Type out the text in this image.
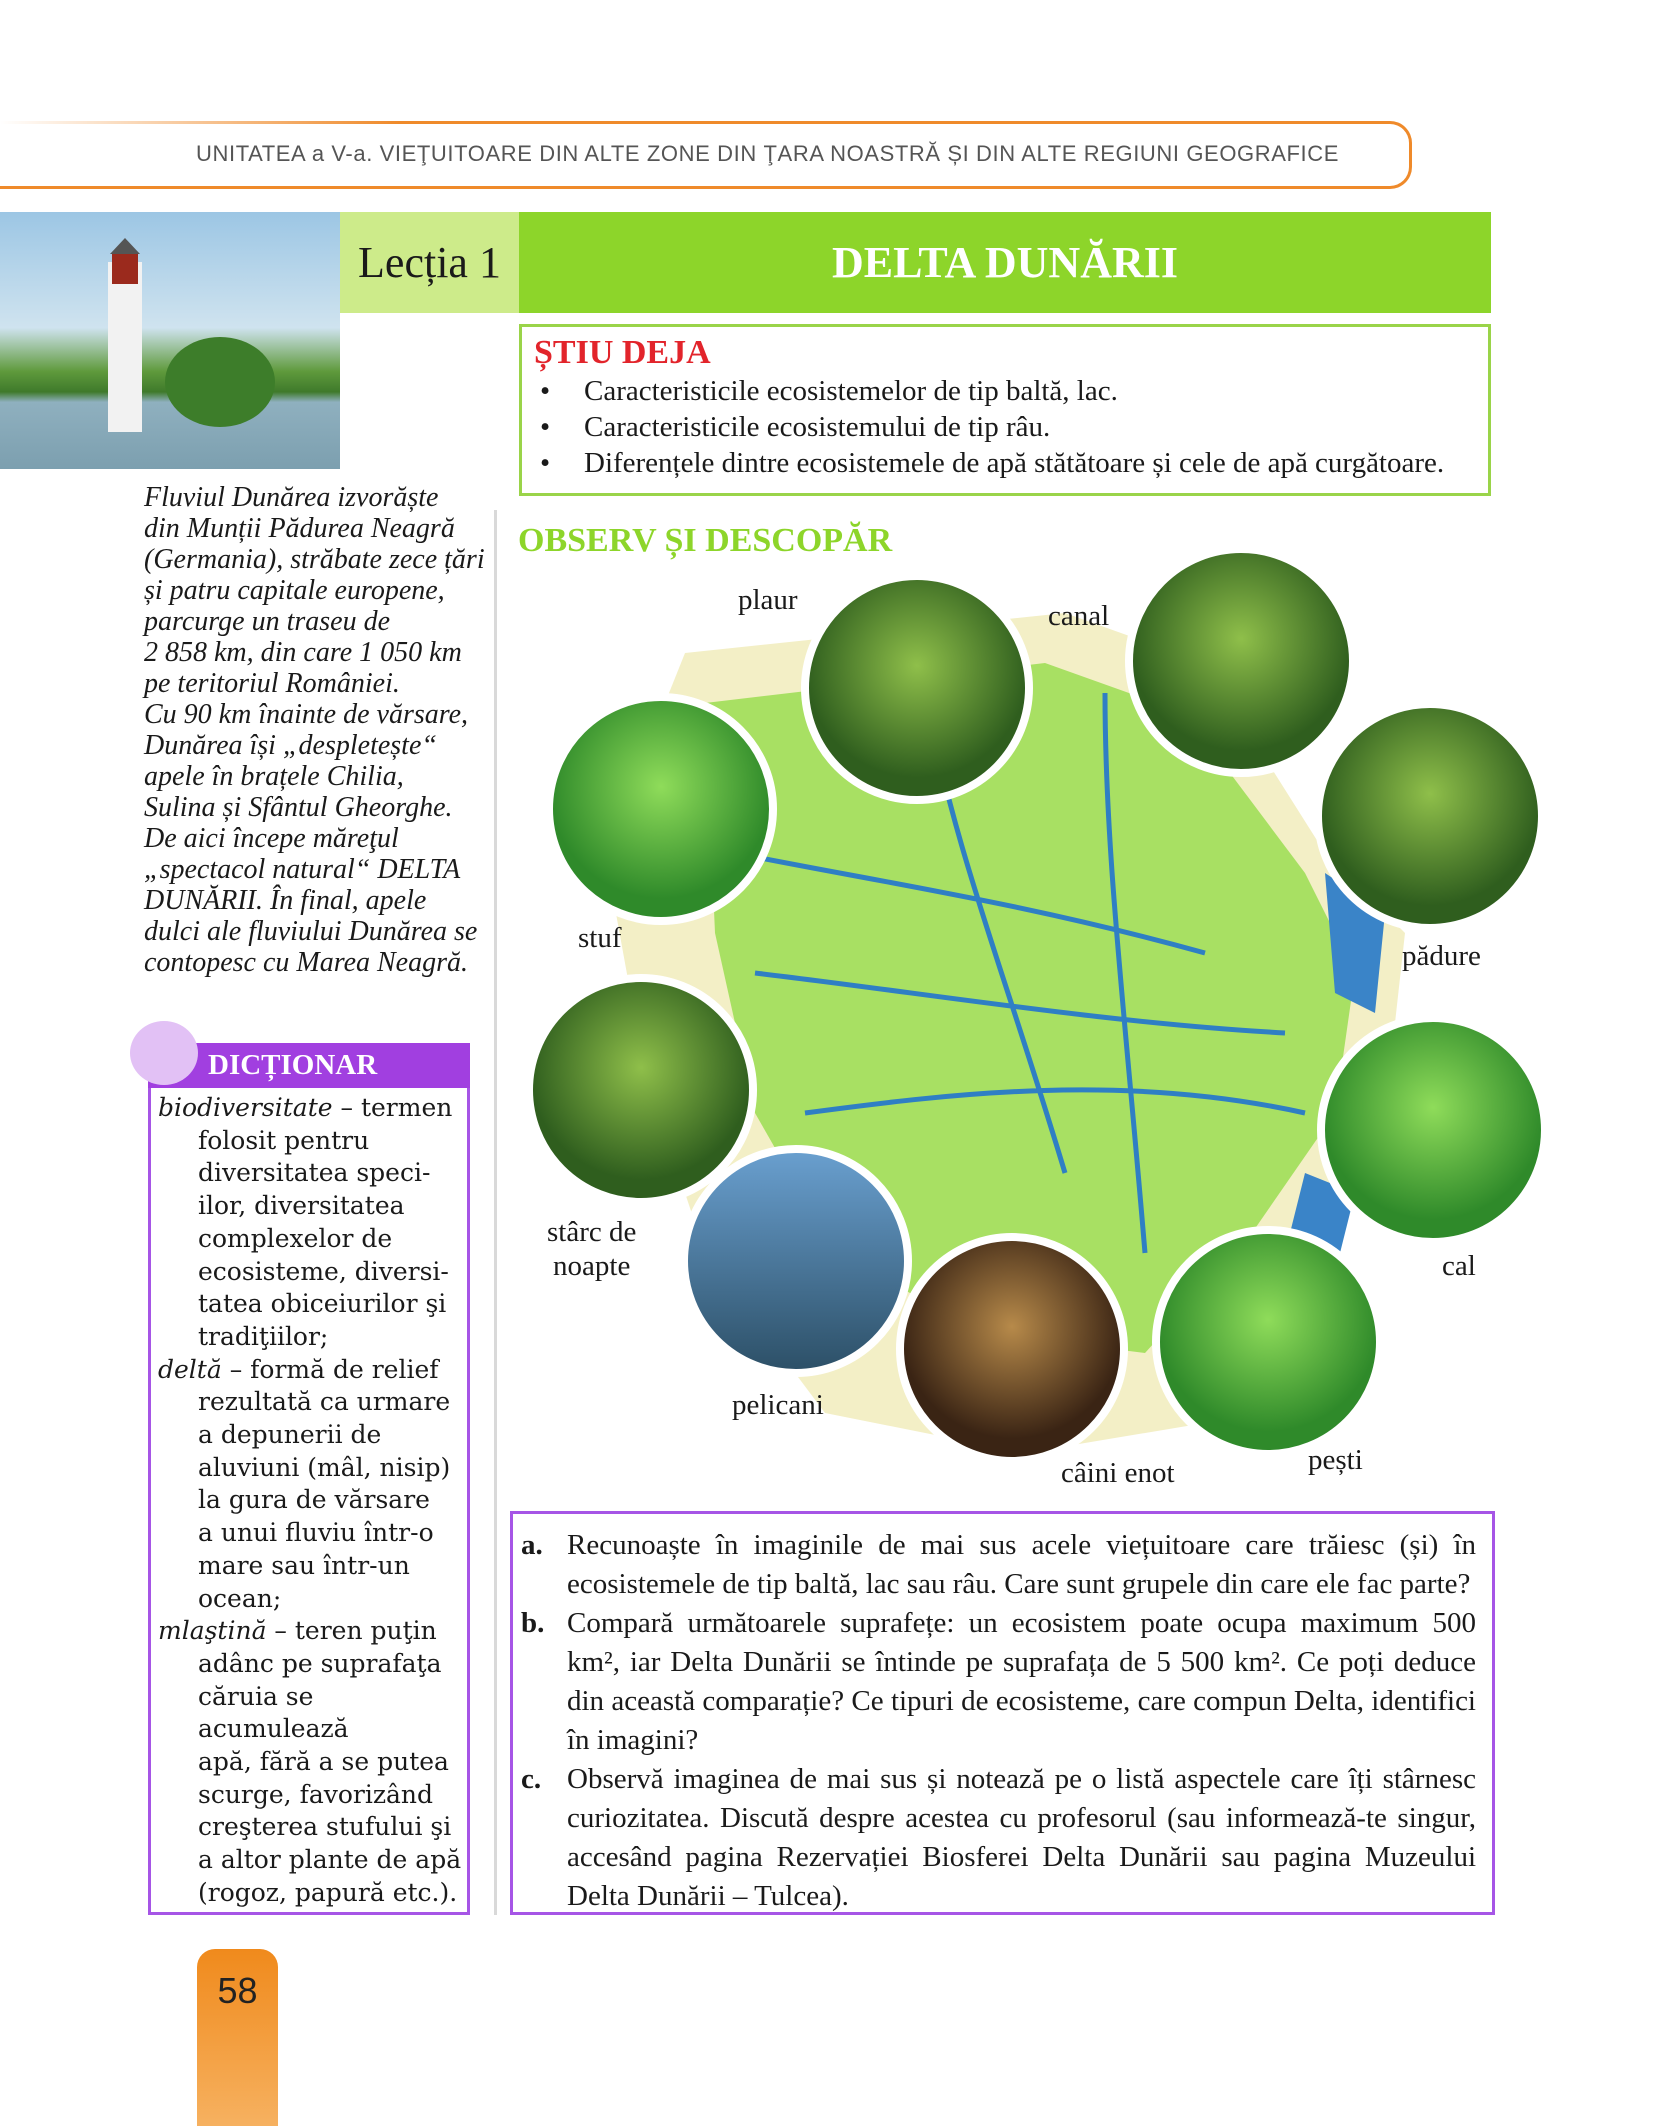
UNITATEA a V-a. VIEŢUITOARE DIN ALTE ZONE DIN ŢARA NOASTRĂ ȘI DIN ALTE REGIUNI GEOGRAFICE
Lecția 1	DELTA DUNĂRII
ȘTIU DEJA
•	Caracteristicile ecosistemelor de tip baltă, lac.
•	Caracteristicile ecosistemului de tip râu.
•	Diferențele dintre ecosistemele de apă stătătoare și cele de apă curgătoare.
Fluviul Dunărea izvorăște
din Munții Pădurea Neagră
(Germania), străbate zece țări
și patru capitale europene,
parcurge un traseu de
2 858 km, din care 1 050 km
pe teritoriul României.
Cu 90 km înainte de vărsare,
Dunărea își „despletește“
apele în brațele Chilia,
Sulina și Sfântul Gheorghe.
De aici începe măreţul
„spectacol natural“ DELTA
DUNĂRII. În final, apele
dulci ale fluviului Dunărea se
contopesc cu Marea Neagră.
OBSERV ȘI DESCOPĂR
plaur	canal
pădure
stuf
cal
stârc de
noapte
pelicani
câini enot	pești
DICȚIONAR
biodiversitate – termen
folosit pentru
diversitatea speci-
ilor, diversitatea
complexelor de
ecosisteme, diversi-
tatea obiceiurilor şi
tradiţiilor;
deltă – formă de relief
rezultată ca urmare
a depunerii de
aluviuni (mâl, nisip)
la gura de vărsare
a unui fluviu într-o
mare sau într-un
ocean;
mlaştină – teren puţin
adânc pe suprafaţa
căruia se acumulează
apă, fără a se putea
scurge, favorizând
creşterea stufului şi
a altor plante de apă
(rogoz, papură etc.).
a. Recunoaște în imaginile de mai sus acele viețuitoare care trăiesc (și) în ecosistemele de tip baltă, lac sau râu. Care sunt grupele din care ele fac parte?
b. Compară următoarele suprafețe: un ecosistem poate ocupa maximum 500 km², iar Delta Dunării se întinde pe suprafața de 5 500 km². Ce poți deduce din această comparație? Ce tipuri de ecosisteme, care compun Delta, identifici în imagini?
c. Observă imaginea de mai sus și notează pe o listă aspectele care îți stârnesc curiozitatea. Discută despre acestea cu profesorul (sau informează-te singur, accesând pagina Rezervației Biosferei Delta Dunării sau pagina Muzeului Delta Dunării – Tulcea).
58
